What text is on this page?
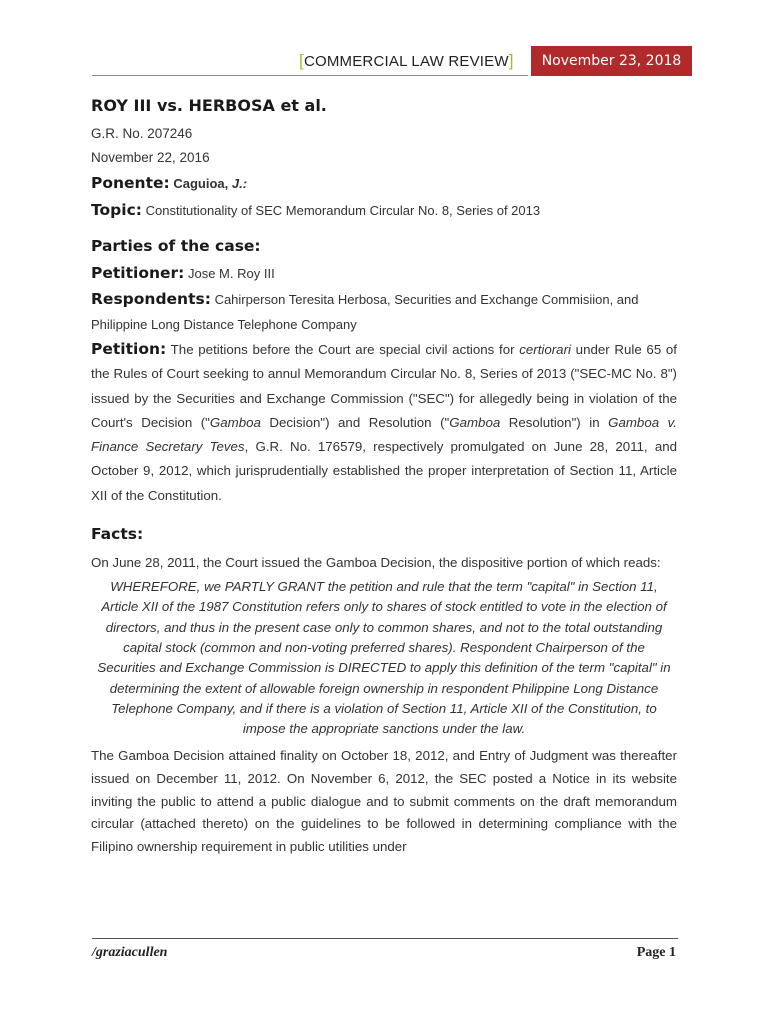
[COMMERCIAL LAW REVIEW]	November 23, 2018
ROY III vs. HERBOSA et al.
G.R. No. 207246
November 22, 2016
Ponente: Caguioa, J.:
Topic: Constitutionality of SEC Memorandum Circular No. 8, Series of 2013
Parties of the case:
Petitioner: Jose M. Roy III
Respondents: Cahirperson Teresita Herbosa, Securities and Exchange Commisiion, and Philippine Long Distance Telephone Company
Petition: The petitions before the Court are special civil actions for certiorari under Rule 65 of the Rules of Court seeking to annul Memorandum Circular No. 8, Series of 2013 ("SEC-MC No. 8") issued by the Securities and Exchange Commission ("SEC") for allegedly being in violation of the Court's Decision ("Gamboa Decision") and Resolution ("Gamboa Resolution") in Gamboa v. Finance Secretary Teves, G.R. No. 176579, respectively promulgated on June 28, 2011, and October 9, 2012, which jurisprudentially established the proper interpretation of Section 11, Article XII of the Constitution.
Facts:
On June 28, 2011, the Court issued the Gamboa Decision, the dispositive portion of which reads:
WHEREFORE, we PARTLY GRANT the petition and rule that the term "capital" in Section 11, Article XII of the 1987 Constitution refers only to shares of stock entitled to vote in the election of directors, and thus in the present case only to common shares, and not to the total outstanding capital stock (common and non-voting preferred shares). Respondent Chairperson of the Securities and Exchange Commission is DIRECTED to apply this definition of the term "capital" in determining the extent of allowable foreign ownership in respondent Philippine Long Distance Telephone Company, and if there is a violation of Section 11, Article XII of the Constitution, to impose the appropriate sanctions under the law.
The Gamboa Decision attained finality on October 18, 2012, and Entry of Judgment was thereafter issued on December 11, 2012. On November 6, 2012, the SEC posted a Notice in its website inviting the public to attend a public dialogue and to submit comments on the draft memorandum circular (attached thereto) on the guidelines to be followed in determining compliance with the Filipino ownership requirement in public utilities under
/graziacullen	Page 1
